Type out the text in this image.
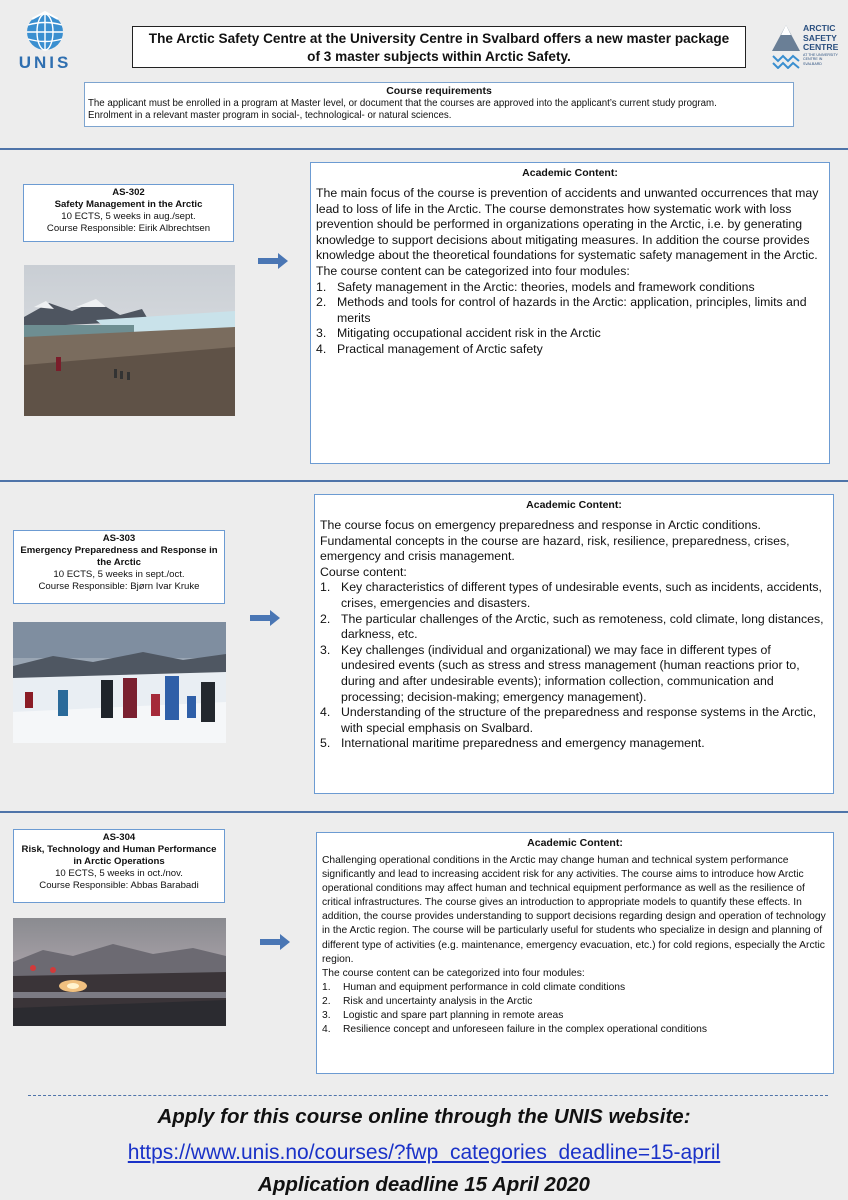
UNIS
The Arctic Safety Centre at the University Centre in Svalbard offers a new master package
of 3 master subjects within Arctic Safety.
ARCTIC
SAFETY
CENTRE
AT THE UNIVERSITY
CENTRE IN SVALBARD
Course requirements
The applicant must be enrolled in a program at Master level, or document that the courses are approved into the applicant’s current study program.
Enrolment in a relevant master program in social-, technological- or natural sciences.
AS-302
Safety Management in the Arctic
10 ECTS, 5 weeks in aug./sept.
Course Responsible: Eirik Albrechtsen
Academic Content:
The main focus of the course is prevention of accidents and unwanted occurrences that may lead to loss of life in the Arctic. The course demonstrates how systematic work with loss prevention should be performed in organizations operating in the Arctic, i.e. by generating knowledge to support decisions about mitigating measures. In addition the course provides knowledge about the theoretical foundations for systematic safety management in the Arctic.
The course content can be categorized into four modules:
1. Safety management in the Arctic: theories, models and framework conditions
2. Methods and tools for control of hazards in the Arctic: application, principles, limits and merits
3. Mitigating occupational accident risk in the Arctic
4. Practical management of Arctic safety
AS-303
Emergency Preparedness and Response in
the Arctic
10 ECTS, 5 weeks in sept./oct.
Course Responsible: Bjørn Ivar Kruke
Academic Content:
The course focus on emergency preparedness and response in Arctic conditions. Fundamental concepts in the course are hazard, risk, resilience, preparedness, crises, emergency and crisis management.
Course content:
1. Key characteristics of different types of undesirable events, such as incidents, accidents, crises, emergencies and disasters.
2. The particular challenges of the Arctic, such as remoteness, cold climate, long distances, darkness, etc.
3. Key challenges (individual and organizational) we may face in different types of undesired events (such as stress and stress management (human reactions prior to, during and after undesirable events); information collection, communication and processing; decision-making; emergency management).
4. Understanding of the structure of the preparedness and response systems in the Arctic, with special emphasis on Svalbard.
5. International maritime preparedness and emergency management.
AS-304
Risk, Technology and Human Performance
in Arctic Operations
10 ECTS, 5 weeks in oct./nov.
Course Responsible: Abbas Barabadi
Academic Content:
Challenging operational conditions in the Arctic may change human and technical system performance significantly and lead to increasing accident risk for any activities. The course aims to introduce how Arctic operational conditions may affect human and technical equipment performance as well as the resilience of critical infrastructures. The course gives an introduction to appropriate models to quantify these effects. In addition, the course provides understanding to support decisions regarding design and operation of technology in the Arctic region. The course will be particularly useful for students who specialize in design and planning of different type of activities (e.g. maintenance, emergency evacuation, etc.) for cold regions, especially the Arctic region.
The course content can be categorized into four modules:
1. Human and equipment performance in cold climate conditions
2. Risk and uncertainty analysis in the Arctic
3. Logistic and spare part planning in remote areas
4. Resilience concept and unforeseen failure in the complex operational conditions
Apply for this course online through the UNIS website:
https://www.unis.no/courses/?fwp_categories_deadline=15-april
Application deadline 15 April 2020
